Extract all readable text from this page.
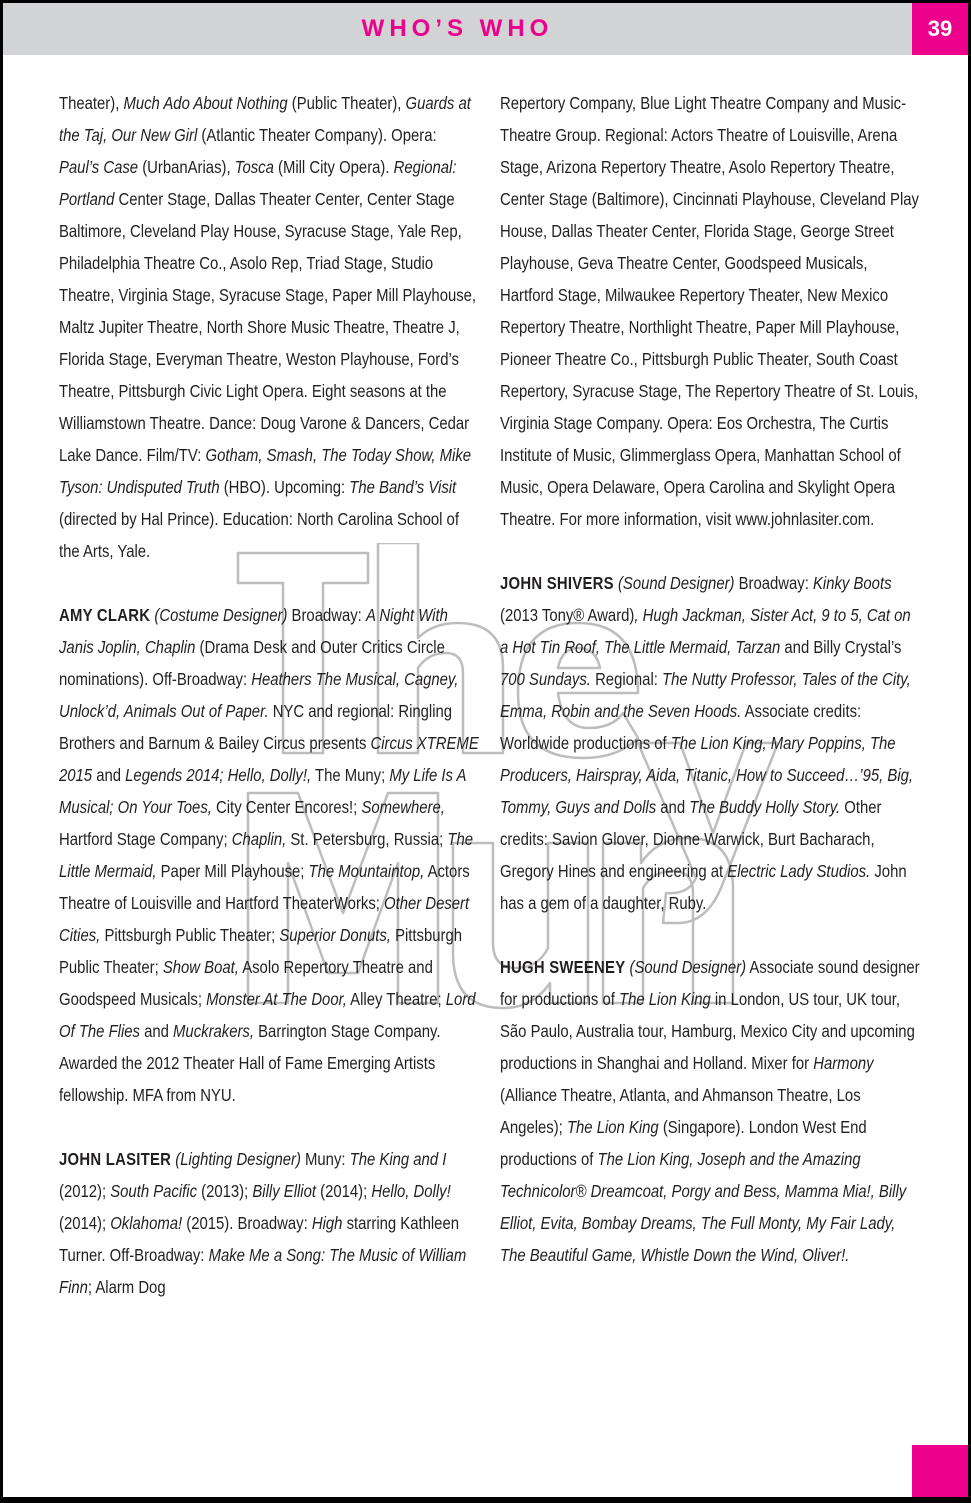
WHO’S WHO	39

Theater), Much Ado About Nothing (Public Theater), Guards at the Taj, Our New Girl (Atlantic Theater Company). Opera: Paul’s Case (UrbanArias), Tosca (Mill City Opera). Regional: Portland Center Stage, Dallas Theater Center, Center Stage Baltimore, Cleveland Play House, Syracuse Stage, Yale Rep, Philadelphia Theatre Co., Asolo Rep, Triad Stage, Studio Theatre, Virginia Stage, Syracuse Stage, Paper Mill Playhouse, Maltz Jupiter Theatre, North Shore Music Theatre, Theatre J, Florida Stage, Everyman Theatre, Weston Playhouse, Ford’s Theatre, Pittsburgh Civic Light Opera. Eight seasons at the Williamstown Theatre. Dance: Doug Varone & Dancers, Cedar Lake Dance. Film/TV: Gotham, Smash, The Today Show, Mike Tyson: Undisputed Truth (HBO). Upcoming: The Band’s Visit (directed by Hal Prince). Education: North Carolina School of the Arts, Yale.

AMY CLARK (Costume Designer) Broadway: A Night With Janis Joplin, Chaplin (Drama Desk and Outer Critics Circle nominations). Off-Broadway: Heathers The Musical, Cagney, Unlock’d, Animals Out of Paper. NYC and regional: Ringling Brothers and Barnum & Bailey Circus presents Circus XTREME 2015 and Legends 2014; Hello, Dolly!, The Muny; My Life Is A Musical; On Your Toes, City Center Encores!; Somewhere, Hartford Stage Company; Chaplin, St. Petersburg, Russia; The Little Mermaid, Paper Mill Playhouse; The Mountaintop, Actors Theatre of Louisville and Hartford TheaterWorks; Other Desert Cities, Pittsburgh Public Theater; Superior Donuts, Pittsburgh Public Theater; Show Boat, Asolo Repertory Theatre and Goodspeed Musicals; Monster At The Door, Alley Theatre; Lord Of The Flies and Muckrakers, Barrington Stage Company. Awarded the 2012 Theater Hall of Fame Emerging Artists fellowship. MFA from NYU.

JOHN LASITER (Lighting Designer) Muny: The King and I (2012); South Pacific (2013); Billy Elliot (2014); Hello, Dolly! (2014); Oklahoma! (2015). Broadway: High starring Kathleen Turner. Off-Broadway: Make Me a Song: The Music of William Finn; Alarm Dog

Repertory Company, Blue Light Theatre Company and Music-Theatre Group. Regional: Actors Theatre of Louisville, Arena Stage, Arizona Repertory Theatre, Asolo Repertory Theatre, Center Stage (Baltimore), Cincinnati Playhouse, Cleveland Play House, Dallas Theater Center, Florida Stage, George Street Playhouse, Geva Theatre Center, Goodspeed Musicals, Hartford Stage, Milwaukee Repertory Theater, New Mexico Repertory Theatre, Northlight Theatre, Paper Mill Playhouse, Pioneer Theatre Co., Pittsburgh Public Theater, South Coast Repertory, Syracuse Stage, The Repertory Theatre of St. Louis, Virginia Stage Company. Opera: Eos Orchestra, The Curtis Institute of Music, Glimmerglass Opera, Manhattan School of Music, Opera Delaware, Opera Carolina and Skylight Opera Theatre. For more information, visit www.johnlasiter.com.

JOHN SHIVERS (Sound Designer) Broadway: Kinky Boots (2013 Tony® Award), Hugh Jackman, Sister Act, 9 to 5, Cat on a Hot Tin Roof, The Little Mermaid, Tarzan and Billy Crystal’s 700 Sundays. Regional: The Nutty Professor, Tales of the City, Emma, Robin and the Seven Hoods. Associate credits: Worldwide productions of The Lion King, Mary Poppins, The Producers, Hairspray, Aida, Titanic, How to Succeed…’95, Big, Tommy, Guys and Dolls and The Buddy Holly Story. Other credits: Savion Glover, Dionne Warwick, Burt Bacharach, Gregory Hines and engineering at Electric Lady Studios. John has a gem of a daughter, Ruby.

HUGH SWEENEY (Sound Designer) Associate sound designer for productions of The Lion King in London, US tour, UK tour, São Paulo, Australia tour, Hamburg, Mexico City and upcoming productions in Shanghai and Holland. Mixer for Harmony (Alliance Theatre, Atlanta, and Ahmanson Theatre, Los Angeles); The Lion King (Singapore). London West End productions of The Lion King, Joseph and the Amazing Technicolor® Dreamcoat, Porgy and Bess, Mamma Mia!, Billy Elliot, Evita, Bombay Dreams, The Full Monty, My Fair Lady, The Beautiful Game, Whistle Down the Wind, Oliver!.
